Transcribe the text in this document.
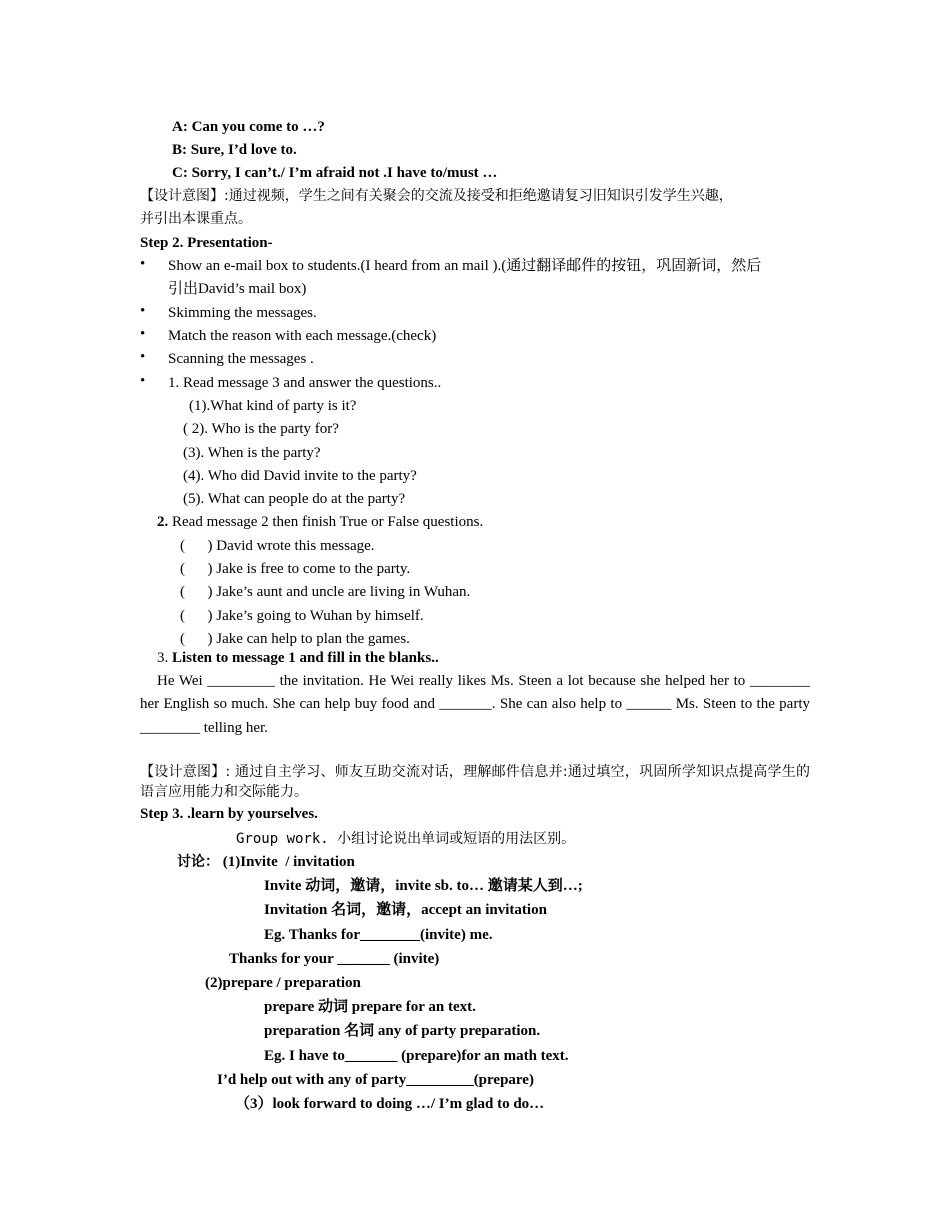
A: Can you come to …?
B: Sure, I’d love to.
C: Sorry, I can’t./ I’m afraid not .I have to/must …
【设计意图】:通过视频，学生之间有关聚会的交流及接受和拒绝邀请复习旧知识引发学生兴趣，
并引出本课重点。
Step 2. Presentation-
• Show an e-mail box to students.(I heard from an mail ).(通过翻译邮件的按钮，巩固新词，然后
引出David’s mail box)
• Skimming the messages.
• Match the reason with each message.(check)
• Scanning the messages .
• 1. Read message 3 and answer the questions..
(1).What kind of party is it?
( 2). Who is the party for?
(3). When is the party?
(4). Who did David invite to the party?
(5). What can people do at the party?
2. Read message 2 then finish True or False questions.
(      ) David wrote this message.
(      ) Jake is free to come to the party.
(      ) Jake’s aunt and uncle are living in Wuhan.
(      ) Jake’s going to Wuhan by himself.
(      ) Jake can help to plan the games.
3. Listen to message 1 and fill in the blanks..
He Wei _________ the invitation. He Wei really likes Ms. Steen a lot because she helped her to ________ her English so much. She can help buy food and _______. She can also help to ______ Ms. Steen to the party ________ telling her.
【设计意图】: 通过自主学习、师友互助交流对话，理解邮件信息并:通过填空，巩固所学知识点提高学生的语言应用能力和交际能力。
Step 3. .learn by yourselves.
Group work. 小组讨论说出单词或短语的用法区别。
讨论： (1)Invite  / invitation
Invite 动词，邀请，invite sb. to… 邀请某人到…;
Invitation 名词，邀请，accept an invitation
Eg. Thanks for________(invite) me.
Thanks for your _______ (invite)
(2)prepare / preparation
prepare 动词 prepare for an text.
preparation 名词 any of party preparation.
Eg. I have to_______ (prepare)for an math text.
I’d help out with any of party_________(prepare)
（3）look forward to doing …/ I’m glad to do…
